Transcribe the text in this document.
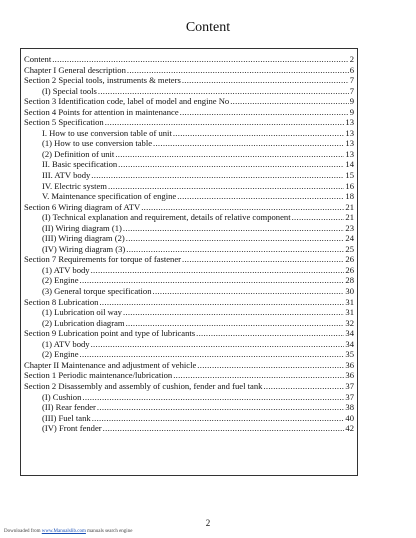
Content
Content .....	2
Chapter I General description .....	6
Section 2 Special tools, instruments & meters .....	7
(I) Special tools .....	7
Section 3 Identification code, label of model and engine No .....	9
Section 4 Points for attention in maintenance .....	9
Section 5 Specification .....	13
I. How to use conversion table of unit .....	13
(1) How to use conversion table .....	13
(2) Definition of unit .....	13
II. Basic specification .....	14
III. ATV body .....	15
IV. Electric system .....	16
V. Maintenance specification of engine .....	18
Section 6 Wiring diagram of ATV .....	21
(I) Technical explanation and requirement, details of relative component .....	21
(II) Wiring diagram (1) .....	23
(III) Wiring diagram (2) .....	24
(IV) Wiring diagram (3) .....	25
Section 7 Requirements for torque of fastener .....	26
(1) ATV body .....	26
(2) Engine .....	28
(3) General torque specification .....	30
Section 8 Lubrication .....	31
(1) Lubrication oil way .....	31
(2) Lubrication diagram .....	32
Section 9 Lubrication point and type of lubricants .....	34
(1) ATV body .....	34
(2) Engine .....	35
Chapter II Maintenance and adjustment of vehicle .....	36
Section 1 Periodic maintenance/lubrication .....	36
Section 2 Disassembly and assembly of cushion, fender and fuel tank .....	37
(I) Cushion .....	37
(II) Rear fender .....	38
(III) Fuel tank .....	40
(IV) Front fender .....	42
2
Downloaded from www.Manualslib.com manuals search engine
